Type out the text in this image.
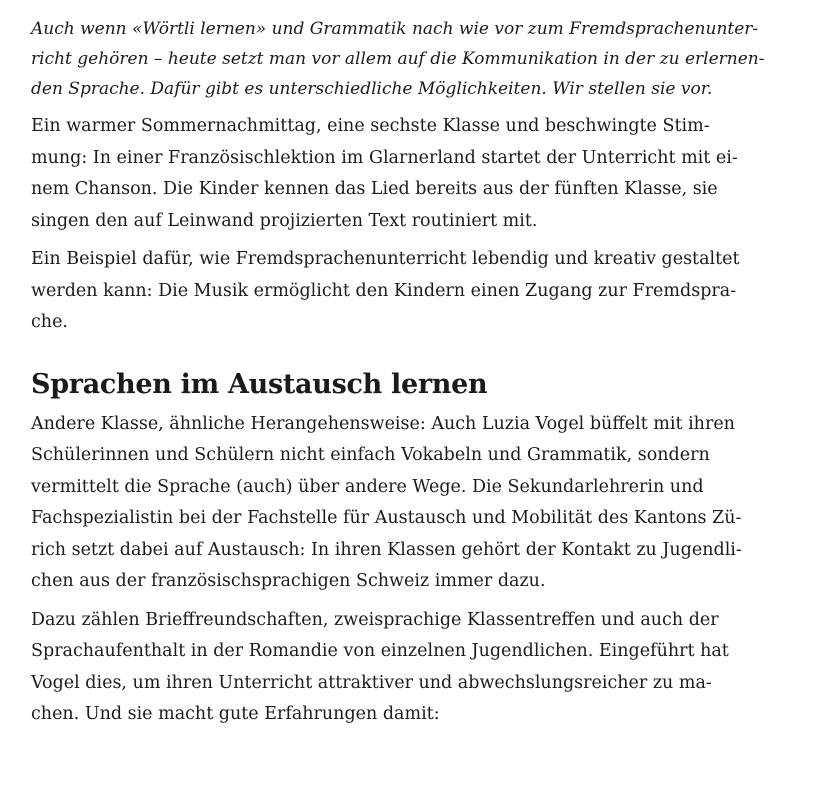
Auch wenn «Wörtli lernen» und Grammatik nach wie vor zum Fremdsprachenunter-
richt gehören – heute setzt man vor allem auf die Kommunikation in der zu erlernen-
den Sprache. Dafür gibt es unterschiedliche Möglichkeiten. Wir stellen sie vor.

Ein warmer Sommernachmittag, eine sechste Klasse und beschwingte Stim-
mung: In einer Französischlektion im Glarnerland startet der Unterricht mit ei-
nem Chanson. Die Kinder kennen das Lied bereits aus der fünften Klasse, sie
singen den auf Leinwand projizierten Text routiniert mit.

Ein Beispiel dafür, wie Fremdsprachenunterricht lebendig und kreativ gestaltet
werden kann: Die Musik ermöglicht den Kindern einen Zugang zur Fremdspra-
che.

Sprachen im Austausch lernen

Andere Klasse, ähnliche Herangehensweise: Auch Luzia Vogel büffelt mit ihren
Schülerinnen und Schülern nicht einfach Vokabeln und Grammatik, sondern
vermittelt die Sprache (auch) über andere Wege. Die Sekundarlehrerin und
Fachspezialistin bei der Fachstelle für Austausch und Mobilität des Kantons Zü-
rich setzt dabei auf Austausch: In ihren Klassen gehört der Kontakt zu Jugendli-
chen aus der französischsprachigen Schweiz immer dazu.

Dazu zählen Brieffreundschaften, zweisprachige Klassentreffen und auch der
Sprachaufenthalt in der Romandie von einzelnen Jugendlichen. Eingeführt hat
Vogel dies, um ihren Unterricht attraktiver und abwechslungsreicher zu ma-
chen. Und sie macht gute Erfahrungen damit:
